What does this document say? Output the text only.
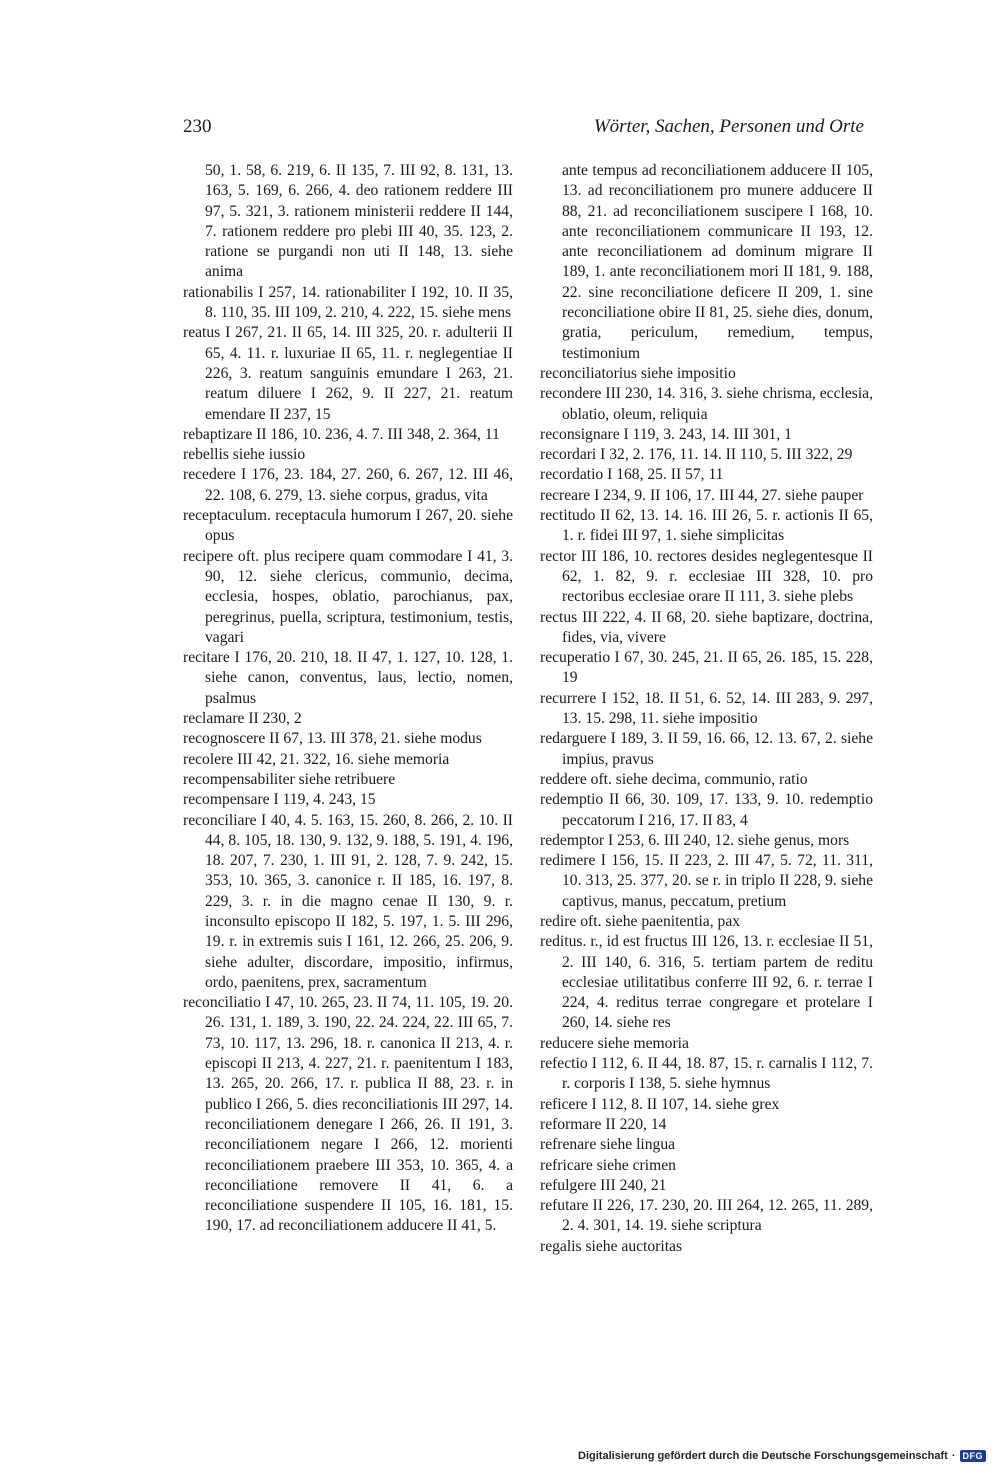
230	Wörter, Sachen, Personen und Orte

50, 1. 58, 6. 219, 6. II 135, 7. III 92, 8. 131, 13. 163, 5. 169, 6. 266, 4. deo rationem reddere III 97, 5. 321, 3. rationem ministerii reddere II 144, 7. rationem reddere pro plebi III 40, 35. 123, 2. ratione se purgandi non uti II 148, 13. siehe anima

rationabilis I 257, 14. rationabiliter I 192, 10. II 35, 8. 110, 35. III 109, 2. 210, 4. 222, 15. siehe mens

reatus I 267, 21. II 65, 14. III 325, 20. r. adulterii II 65, 4. 11. r. luxuriae II 65, 11. r. neglegentiae II 226, 3. reatum sanguinis emundare I 263, 21. reatum diluere I 262, 9. II 227, 21. reatum emendare II 237, 15

rebaptizare II 186, 10. 236, 4. 7. III 348, 2. 364, 11

rebellis siehe iussio

recedere I 176, 23. 184, 27. 260, 6. 267, 12. III 46, 22. 108, 6. 279, 13. siehe corpus, gradus, vita

receptaculum. receptacula humorum I 267, 20. siehe opus

recipere oft. plus recipere quam commodare I 41, 3. 90, 12. siehe clericus, communio, decima, ecclesia, hospes, oblatio, parochianus, pax, peregrinus, puella, scriptura, testimonium, testis, vagari

recitare I 176, 20. 210, 18. II 47, 1. 127, 10. 128, 1. siehe canon, conventus, laus, lectio, nomen, psalmus

reclamare II 230, 2

recognoscere II 67, 13. III 378, 21. siehe modus

recolere III 42, 21. 322, 16. siehe memoria

recompensabiliter siehe retribuere

recompensare I 119, 4. 243, 15

reconciliare I 40, 4. 5. 163, 15. 260, 8. 266, 2. 10. II 44, 8. 105, 18. 130, 9. 132, 9. 188, 5. 191, 4. 196, 18. 207, 7. 230, 1. III 91, 2. 128, 7. 9. 242, 15. 353, 10. 365, 3. canonice r. II 185, 16. 197, 8. 229, 3. r. in die magno cenae II 130, 9. r. inconsulto episcopo II 182, 5. 197, 1. 5. III 296, 19. r. in extremis suis I 161, 12. 266, 25. 206, 9. siehe adulter, discordare, impositio, infirmus, ordo, paenitens, prex, sacramentum

reconciliatio I 47, 10. 265, 23. II 74, 11. 105, 19. 20. 26. 131, 1. 189, 3. 190, 22. 24. 224, 22. III 65, 7. 73, 10. 117, 13. 296, 18. r. canonica II 213, 4. r. episcopi II 213, 4. 227, 21. r. paenitentum I 183, 13. 265, 20. 266, 17. r. publica II 88, 23. r. in publico I 266, 5. dies reconciliationis III 297, 14. reconciliationem denegare I 266, 26. II 191, 3. reconciliationem negare I 266, 12. morienti reconciliationem praebere III 353, 10. 365, 4. a reconciliatione removere II 41, 6. a reconciliatione suspendere II 105, 16. 181, 15. 190, 17. ad reconciliationem adducere II 41, 5.

ante tempus ad reconciliationem adducere II 105, 13. ad reconciliationem pro munere adducere II 88, 21. ad reconciliationem suscipere I 168, 10. ante reconciliationem communicare II 193, 12. ante reconciliationem ad dominum migrare II 189, 1. ante reconciliationem mori II 181, 9. 188, 22. sine reconciliatione deficere II 209, 1. sine reconciliatione obire II 81, 25. siehe dies, donum, gratia, periculum, remedium, tempus, testimonium

reconciliatorius siehe impositio

recondere III 230, 14. 316, 3. siehe chrisma, ecclesia, oblatio, oleum, reliquia

reconsignare I 119, 3. 243, 14. III 301, 1

recordari I 32, 2. 176, 11. 14. II 110, 5. III 322, 29

recordatio I 168, 25. II 57, 11

recreare I 234, 9. II 106, 17. III 44, 27. siehe pauper

rectitudo II 62, 13. 14. 16. III 26, 5. r. actionis II 65, 1. r. fidei III 97, 1. siehe simplicitas

rector III 186, 10. rectores desides neglegentesque II 62, 1. 82, 9. r. ecclesiae III 328, 10. pro rectoribus ecclesiae orare II 111, 3. siehe plebs

rectus III 222, 4. II 68, 20. siehe baptizare, doctrina, fides, via, vivere

recuperatio I 67, 30. 245, 21. II 65, 26. 185, 15. 228, 19

recurrere I 152, 18. II 51, 6. 52, 14. III 283, 9. 297, 13. 15. 298, 11. siehe impositio

redarguere I 189, 3. II 59, 16. 66, 12. 13. 67, 2. siehe impius, pravus

reddere oft. siehe decima, communio, ratio

redemptio II 66, 30. 109, 17. 133, 9. 10. redemptio peccatorum I 216, 17. II 83, 4

redemptor I 253, 6. III 240, 12. siehe genus, mors

redimere I 156, 15. II 223, 2. III 47, 5. 72, 11. 311, 10. 313, 25. 377, 20. se r. in triplo II 228, 9. siehe captivus, manus, peccatum, pretium

redire oft. siehe paenitentia, pax

reditus. r., id est fructus III 126, 13. r. ecclesiae II 51, 2. III 140, 6. 316, 5. tertiam partem de reditu ecclesiae utilitatibus conferre III 92, 6. r. terrae I 224, 4. reditus terrae congregare et protelare I 260, 14. siehe res

reducere siehe memoria

refectio I 112, 6. II 44, 18. 87, 15. r. carnalis I 112, 7. r. corporis I 138, 5. siehe hymnus

reficere I 112, 8. II 107, 14. siehe grex

reformare II 220, 14

refrenare siehe lingua

refricare siehe crimen

refulgere III 240, 21

refutare II 226, 17. 230, 20. III 264, 12. 265, 11. 289, 2. 4. 301, 14. 19. siehe scriptura

regalis siehe auctoritas

Digitalisierung gefördert durch die Deutsche Forschungsgemeinschaft · DFG
